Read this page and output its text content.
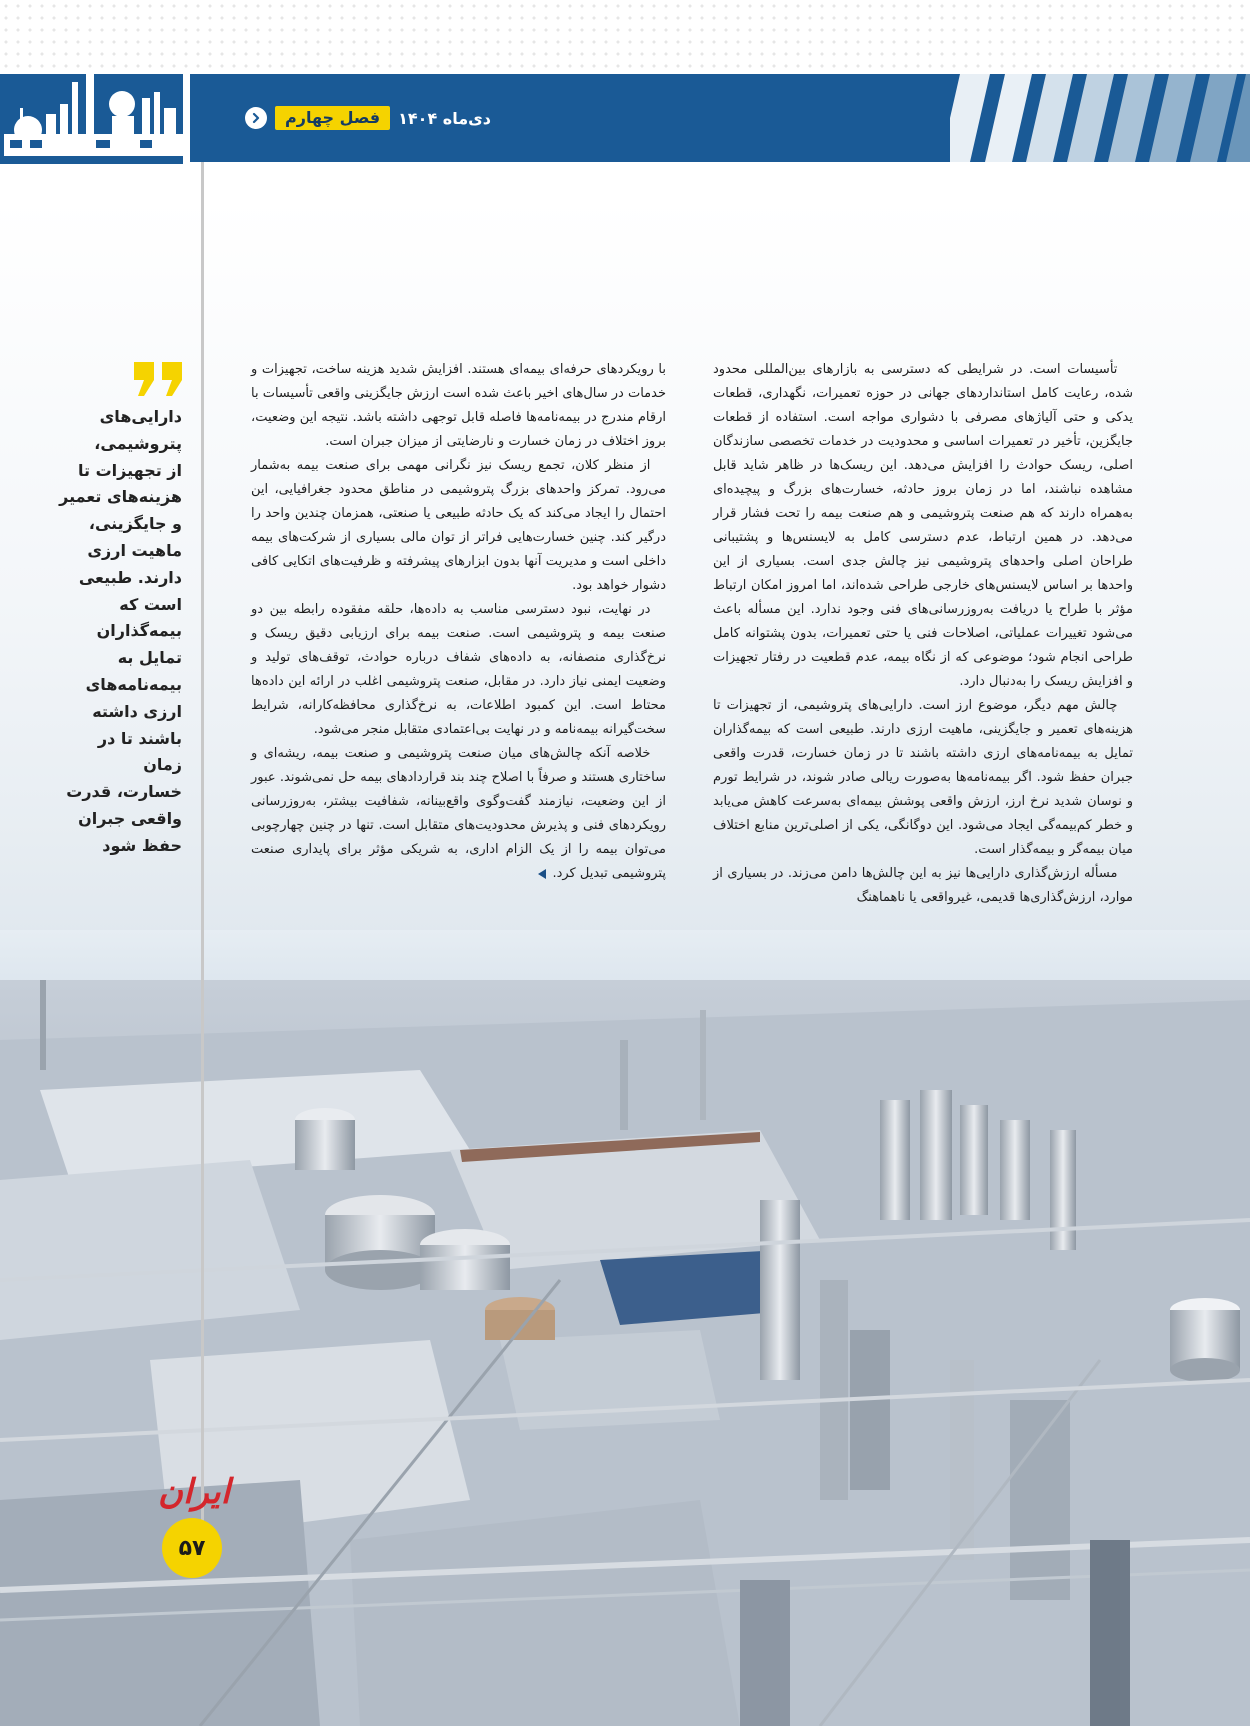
دی‌ماه ۱۴۰۴
فصل چهارم
دارایی‌های
پتروشیمی،
از تجهیزات تا
هزینه‌های تعمیر
و جایگزینی،
ماهیت ارزی
دارند. طبیعی
است که
بیمه‌گذاران
تمایل به
بیمه‌نامه‌های
ارزی داشته
باشند تا در زمان
خسارت، قدرت
واقعی جبران
حفظ شود

تأسیسات است. در شرایطی که دسترسی به بازارهای بین‌المللی محدود شده، رعایت کامل استانداردهای جهانی در حوزه تعمیرات، نگهداری، قطعات یدکی و حتی آلیاژهای مصرفی با دشواری مواجه است. استفاده از قطعات جایگزین، تأخیر در تعمیرات اساسی و محدودیت در خدمات تخصصی سازندگان اصلی، ریسک حوادث را افزایش می‌دهد. این ریسک‌ها در ظاهر شاید قابل مشاهده نباشند، اما در زمان بروز حادثه، خسارت‌های بزرگ و پیچیده‌ای به‌همراه دارند که هم صنعت پتروشیمی و هم صنعت بیمه را تحت فشار قرار می‌دهد. در همین ارتباط، عدم دسترسی کامل به لایسنس‌ها و پشتیبانی طراحان اصلی واحدهای پتروشیمی نیز چالش جدی است. بسیاری از این واحدها بر اساس لایسنس‌های خارجی طراحی شده‌اند، اما امروز امکان ارتباط مؤثر با طراح یا دریافت به‌روزرسانی‌های فنی وجود ندارد. این مسأله باعث می‌شود تغییرات عملیاتی، اصلاحات فنی یا حتی تعمیرات، بدون پشتوانه کامل طراحی انجام شود؛ موضوعی که از نگاه بیمه، عدم قطعیت در رفتار تجهیزات و افزایش ریسک را به‌دنبال دارد.

چالش مهم دیگر، موضوع ارز است. دارایی‌های پتروشیمی، از تجهیزات تا هزینه‌های تعمیر و جایگزینی، ماهیت ارزی دارند. طبیعی است که بیمه‌گذاران تمایل به بیمه‌نامه‌های ارزی داشته باشند تا در زمان خسارت، قدرت واقعی جبران حفظ شود. اگر بیمه‌نامه‌ها به‌صورت ریالی صادر شوند، در شرایط تورم و نوسان شدید نرخ ارز، ارزش واقعی پوشش بیمه‌ای به‌سرعت کاهش می‌یابد و خطر کم‌بیمه‌گی ایجاد می‌شود. این دوگانگی، یکی از اصلی‌ترین منابع اختلاف میان بیمه‌گر و بیمه‌گذار است.

مسأله ارزش‌گذاری دارایی‌ها نیز به این چالش‌ها دامن می‌زند. در بسیاری از موارد، ارزش‌گذاری‌ها قدیمی، غیرواقعی یا ناهماهنگ

با رویکردهای حرفه‌ای بیمه‌ای هستند. افزایش شدید هزینه ساخت، تجهیزات و خدمات در سال‌های اخیر باعث شده است ارزش جایگزینی واقعی تأسیسات با ارقام مندرج در بیمه‌نامه‌ها فاصله قابل توجهی داشته باشد. نتیجه این وضعیت، بروز اختلاف در زمان خسارت و نارضایتی از میزان جبران است.

از منظر کلان، تجمع ریسک نیز نگرانی مهمی برای صنعت بیمه به‌شمار می‌رود. تمرکز واحدهای بزرگ پتروشیمی در مناطق محدود جغرافیایی، این احتمال را ایجاد می‌کند که یک حادثه طبیعی یا صنعتی، همزمان چندین واحد را درگیر کند. چنین خسارت‌هایی فراتر از توان مالی بسیاری از شرکت‌های بیمه داخلی است و مدیریت آنها بدون ابزارهای پیشرفته و ظرفیت‌های اتکایی کافی دشوار خواهد بود.

در نهایت، نبود دسترسی مناسب به داده‌ها، حلقه مفقوده رابطه بین دو صنعت بیمه و پتروشیمی است. صنعت بیمه برای ارزیابی دقیق ریسک و نرخ‌گذاری منصفانه، به داده‌های شفاف درباره حوادث، توقف‌های تولید و وضعیت ایمنی نیاز دارد. در مقابل، صنعت پتروشیمی اغلب در ارائه این داده‌ها محتاط است. این کمبود اطلاعات، به نرخ‌گذاری محافظه‌کارانه، شرایط سخت‌گیرانه بیمه‌نامه و در نهایت بی‌اعتمادی متقابل منجر می‌شود.

خلاصه آنکه چالش‌های میان صنعت پتروشیمی و صنعت بیمه، ریشه‌ای و ساختاری هستند و صرفاً با اصلاح چند بند قراردادهای بیمه حل نمی‌شوند. عبور از این وضعیت، نیازمند گفت‌وگوی واقع‌بینانه، شفافیت بیشتر، به‌روزرسانی رویکردهای فنی و پذیرش محدودیت‌های متقابل است. تنها در چنین چهارچوبی می‌توان بیمه را از یک الزام اداری، به شریکی مؤثر برای پایداری صنعت پتروشیمی تبدیل کرد.

ایران
۵۷
